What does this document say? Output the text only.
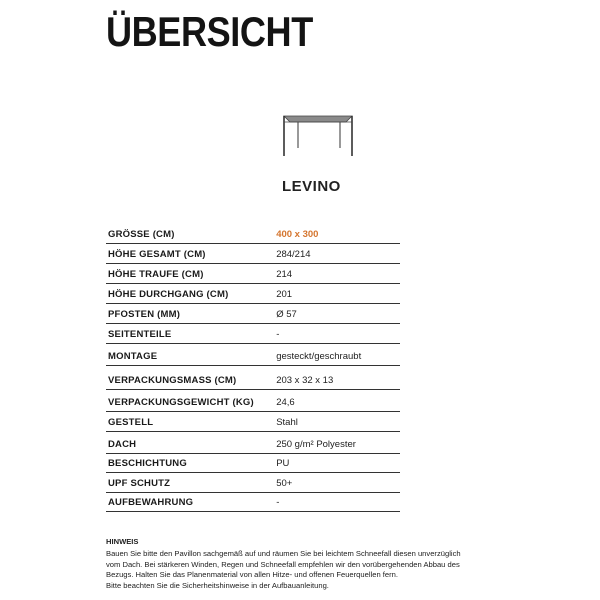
ÜBERSICHT
LEVINO
GRÖSSE (CM)	400 x 300
HÖHE GESAMT (CM)	284/214
HÖHE TRAUFE (CM)	214
HÖHE DURCHGANG (CM)	201
PFOSTEN (MM)	Ø 57
SEITENTEILE	-
MONTAGE	gesteckt/geschraubt
VERPACKUNGSMASS (CM)	203 x 32 x 13
VERPACKUNGSGEWICHT (KG)	24,6
GESTELL	Stahl
DACH	250 g/m² Polyester
BESCHICHTUNG	PU
UPF SCHUTZ	50+
AUFBEWAHRUNG	-
HINWEIS
Bauen Sie bitte den Pavillon sachgemäß auf und räumen Sie bei leichtem Schneefall diesen unverzüglich
vom Dach. Bei stärkeren Winden, Regen und Schneefall empfehlen wir den vorübergehenden Abbau des
Bezugs. Halten Sie das Planenmaterial von allen Hitze- und offenen Feuerquellen fern.
Bitte beachten Sie die Sicherheitshinweise in der Aufbauanleitung.
